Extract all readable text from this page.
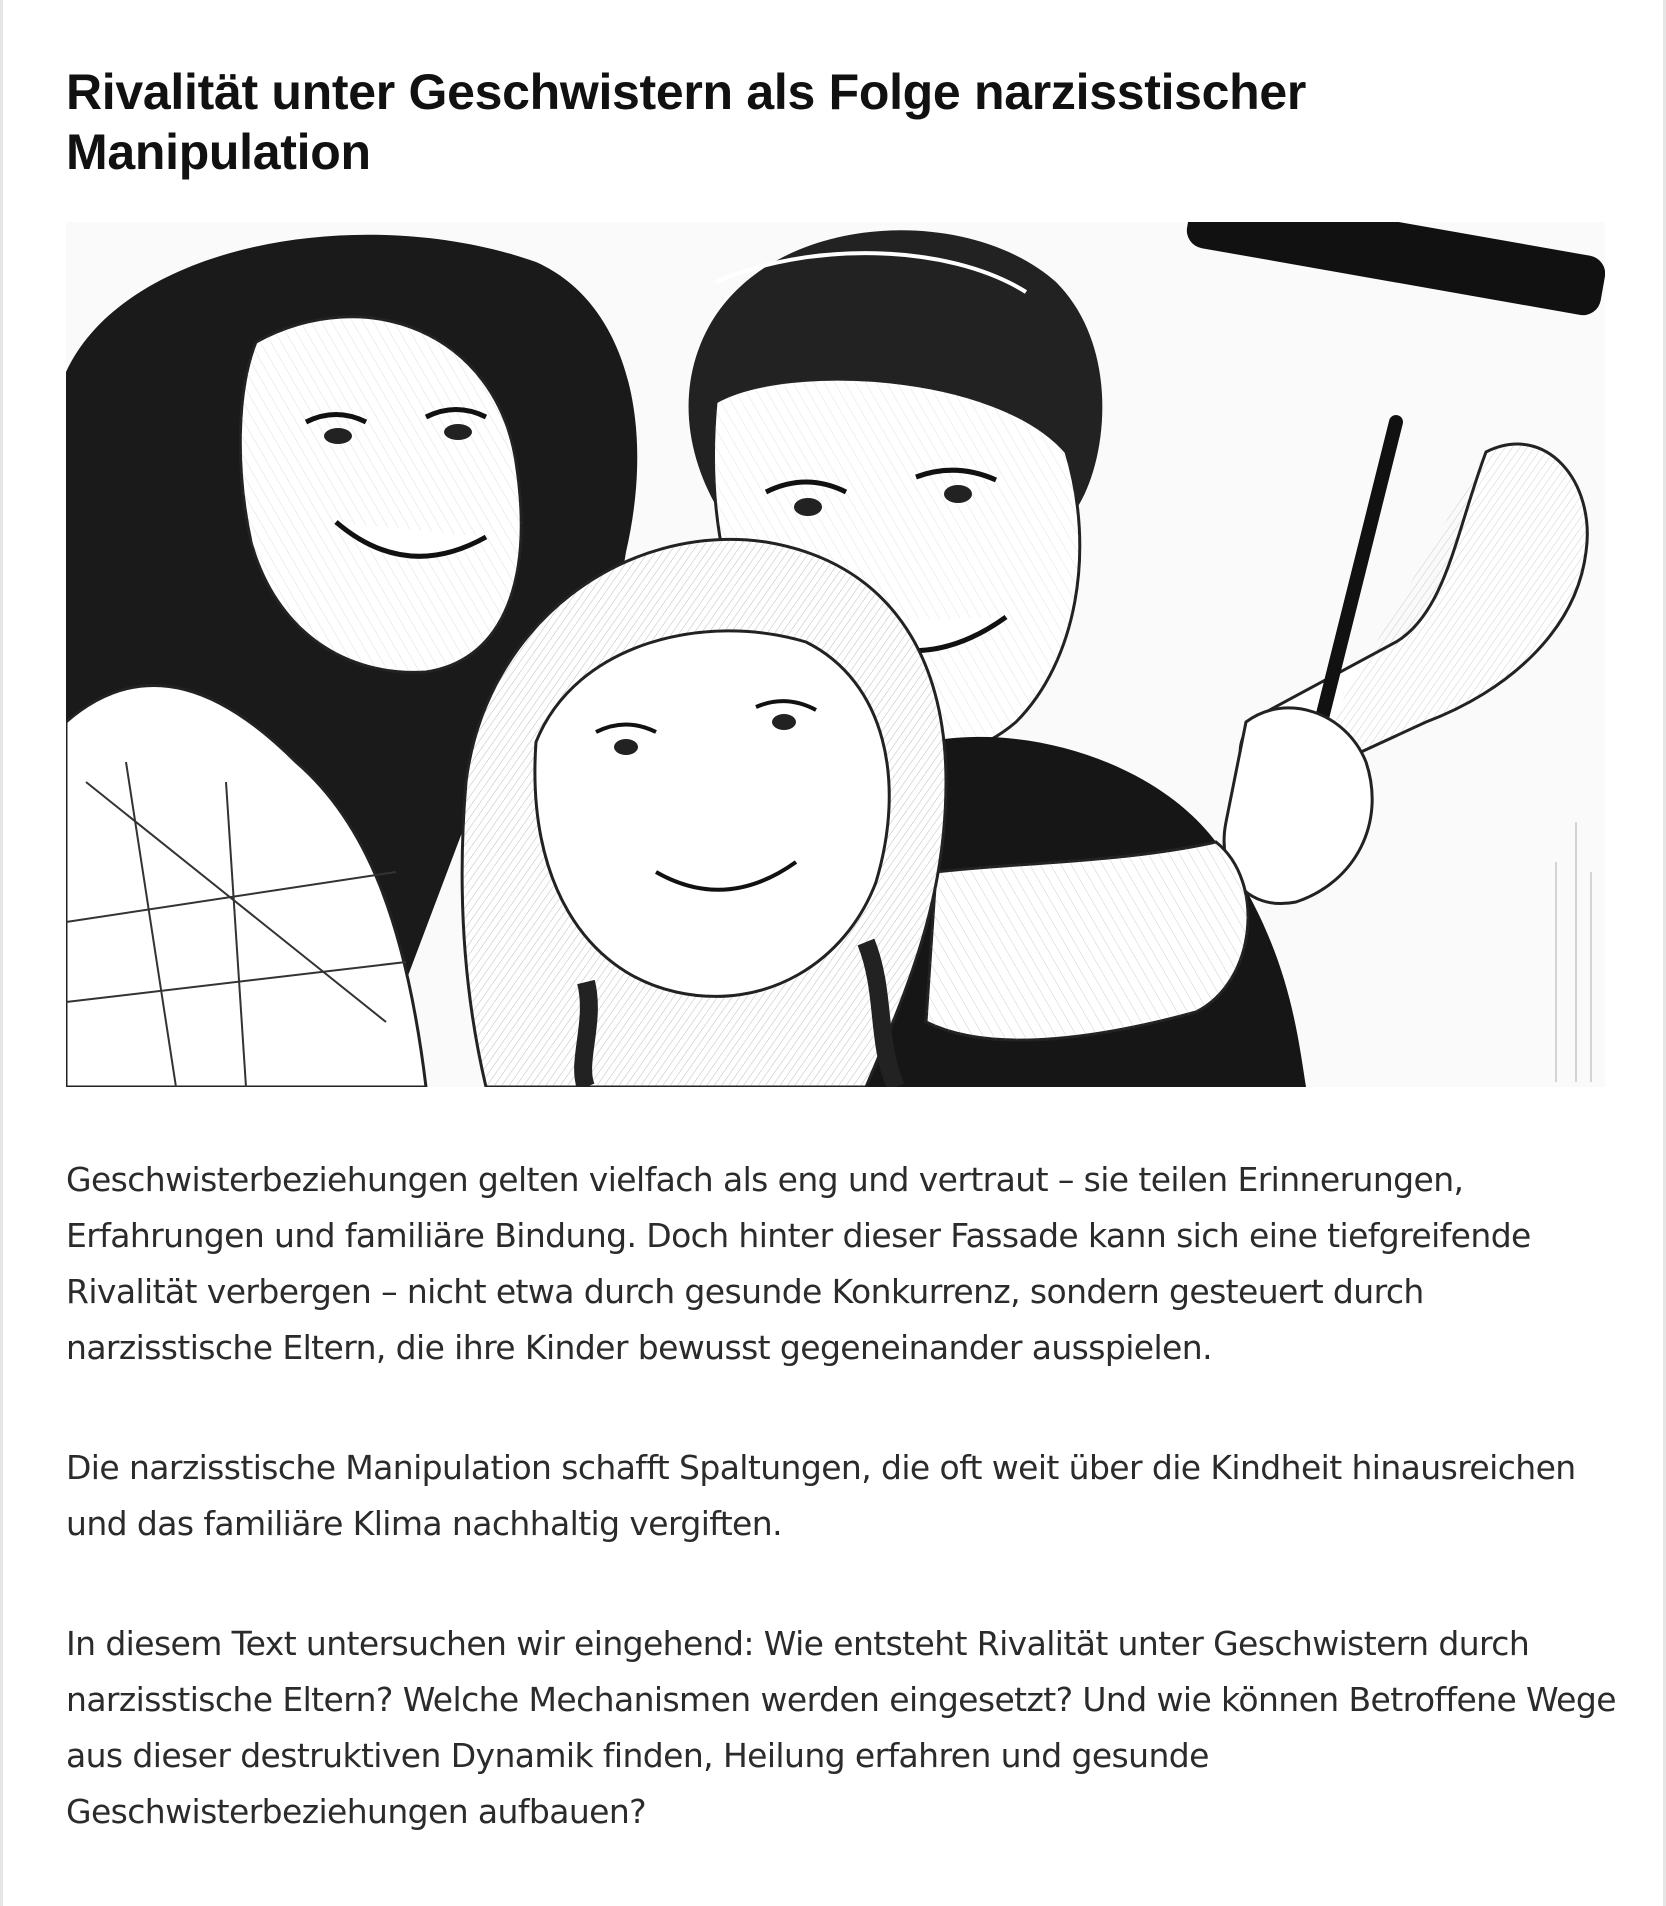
Rivalität unter Geschwistern als Folge narzisstischer Manipulation

Geschwisterbeziehungen gelten vielfach als eng und vertraut – sie teilen Erinnerungen, Erfahrungen und familiäre Bindung. Doch hinter dieser Fassade kann sich eine tiefgreifende Rivalität verbergen – nicht etwa durch gesunde Konkurrenz, sondern gesteuert durch narzisstische Eltern, die ihre Kinder bewusst gegeneinander ausspielen.

Die narzisstische Manipulation schafft Spaltungen, die oft weit über die Kindheit hinausreichen und das familiäre Klima nachhaltig vergiften.

In diesem Text untersuchen wir eingehend: Wie entsteht Rivalität unter Geschwistern durch narzisstische Eltern? Welche Mechanismen werden eingesetzt? Und wie können Betroffene Wege aus dieser destruktiven Dynamik finden, Heilung erfahren und gesunde Geschwisterbeziehungen aufbauen?
